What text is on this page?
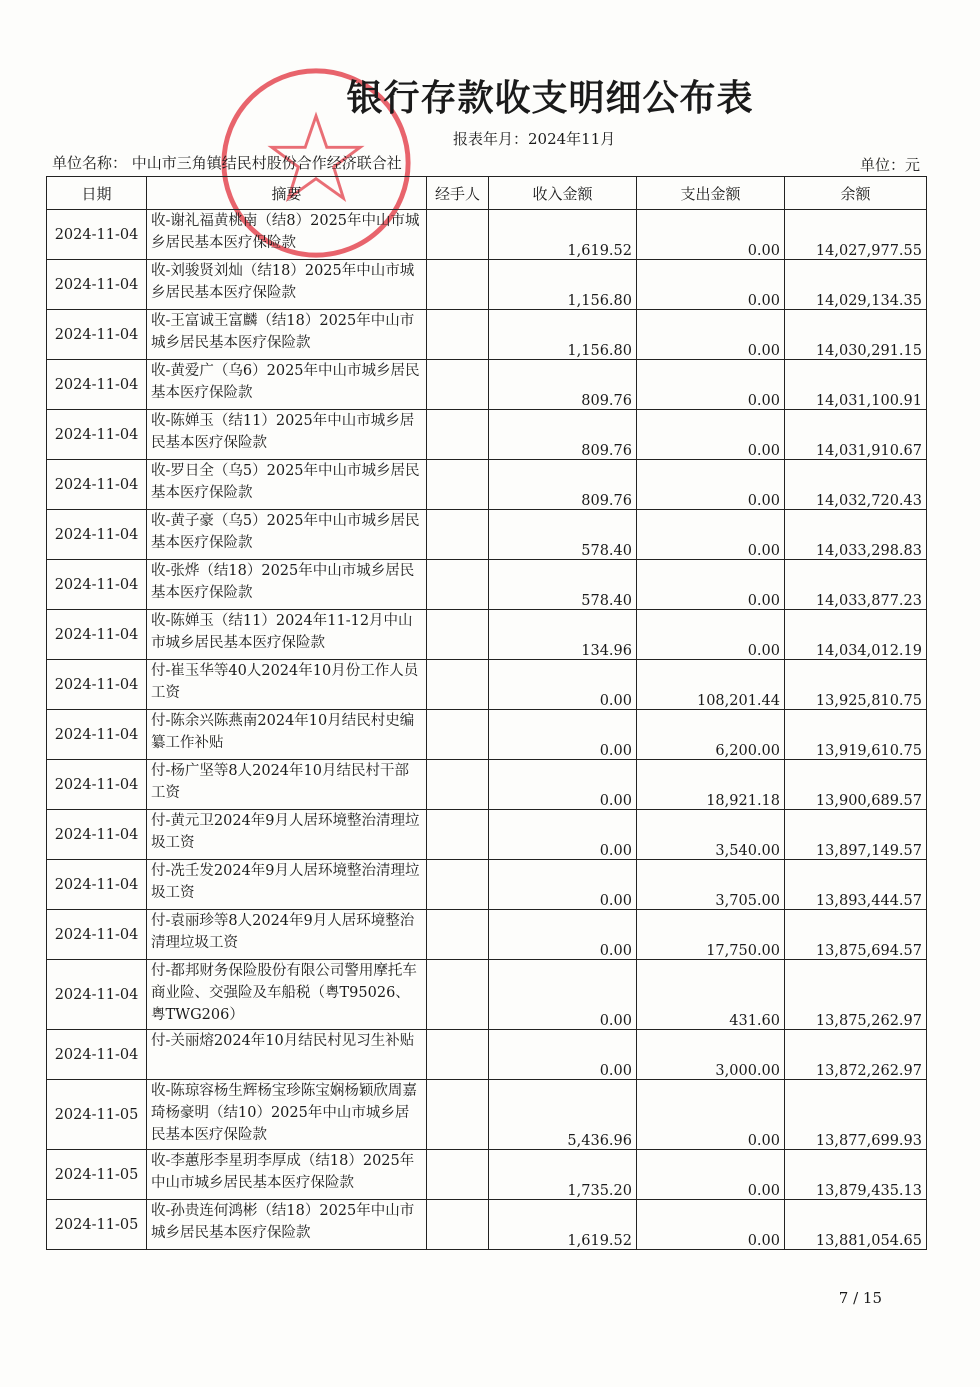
银行存款收支明细公布表
报表年月：2024年11月
单位名称： 中山市三角镇结民村股份合作经济联合社	单位：元
日期	摘要	经手人	收入金额	支出金额	余额
2024-11-04	收-谢礼福黄桃南（结8）2025年中山市城乡居民基本医疗保险款		1,619.52	0.00	14,027,977.55
2024-11-04	收-刘骏贤刘灿（结18）2025年中山市城乡居民基本医疗保险款		1,156.80	0.00	14,029,134.35
2024-11-04	收-王富诚王富麟（结18）2025年中山市城乡居民基本医疗保险款		1,156.80	0.00	14,030,291.15
2024-11-04	收-黄爱广（乌6）2025年中山市城乡居民基本医疗保险款		809.76	0.00	14,031,100.91
2024-11-04	收-陈婵玉（结11）2025年中山市城乡居民基本医疗保险款		809.76	0.00	14,031,910.67
2024-11-04	收-罗日全（乌5）2025年中山市城乡居民基本医疗保险款		809.76	0.00	14,032,720.43
2024-11-04	收-黄子豪（乌5）2025年中山市城乡居民基本医疗保险款		578.40	0.00	14,033,298.83
2024-11-04	收-张烨（结18）2025年中山市城乡居民基本医疗保险款		578.40	0.00	14,033,877.23
2024-11-04	收-陈婵玉（结11）2024年11-12月中山市城乡居民基本医疗保险款		134.96	0.00	14,034,012.19
2024-11-04	付-崔玉华等40人2024年10月份工作人员工资		0.00	108,201.44	13,925,810.75
2024-11-04	付-陈余兴陈燕南2024年10月结民村史编纂工作补贴		0.00	6,200.00	13,919,610.75
2024-11-04	付-杨广坚等8人2024年10月结民村干部工资		0.00	18,921.18	13,900,689.57
2024-11-04	付-黄元卫2024年9月人居环境整治清理垃圾工资		0.00	3,540.00	13,897,149.57
2024-11-04	付-冼壬发2024年9月人居环境整治清理垃圾工资		0.00	3,705.00	13,893,444.57
2024-11-04	付-袁丽珍等8人2024年9月人居环境整治清理垃圾工资		0.00	17,750.00	13,875,694.57
2024-11-04	付-都邦财务保险股份有限公司警用摩托车商业险、交强险及车船税（粤T95026、粤TWG206）		0.00	431.60	13,875,262.97
2024-11-04	付-关丽熔2024年10月结民村见习生补贴		0.00	3,000.00	13,872,262.97
2024-11-05	收-陈琼容杨生辉杨宝珍陈宝娴杨颖欣周嘉琦杨豪明（结10）2025年中山市城乡居民基本医疗保险款		5,436.96	0.00	13,877,699.93
2024-11-05	收-李蕙彤李星玥李厚成（结18）2025年中山市城乡居民基本医疗保险款		1,735.20	0.00	13,879,435.13
2024-11-05	收-孙贵连何鸿彬（结18）2025年中山市城乡居民基本医疗保险款		1,619.52	0.00	13,881,054.65
7 / 15
